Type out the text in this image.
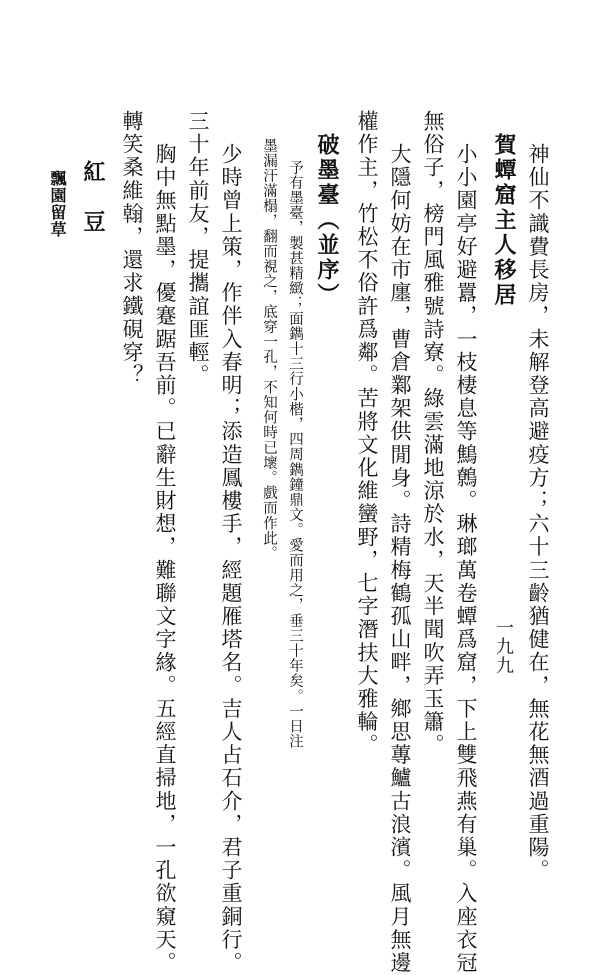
神仙不識費長房，未解登高避疫方；六十三齡猶健在，無花無酒過重陽。
賀蟫窟主人移居
小小園亭好避囂，一枝棲息等鷦鷯。琳瑯萬卷蟫爲窟，下上雙飛燕有巢。入座衣冠
無俗子，榜門風雅號詩寮。綠雲滿地涼於水，天半聞吹弄玉簫。
大隱何妨在市廛，曹倉鄴架供閒身。詩精梅鶴孤山畔，鄉思蓴鱸古浪濱。風月無邊
權作主，竹松不俗許爲鄰。苦將文化維蠻野，七字潛扶大雅輪。
破墨臺（並序）
予有墨臺，製甚精緻；面鐫十三行小楷，四周鐫鐘鼎文。愛而用之，垂三十年矣。一日注
墨漏汗滿榻，翻而視之，底穿一孔，不知何時已壞。戲而作此。
少時曾上策，作伴入春明；添造鳳樓手，經題雁塔名。吉人占石介，君子重銅行。
三十年前友，提攜誼匪輕。
胸中無點墨，優蹇踞吾前。已辭生財想，難聯文字緣。五經直掃地，一孔欲窺天。
轉笑桑維翰，還求鐵硯穿？
紅　豆
飄園留草
一九九
